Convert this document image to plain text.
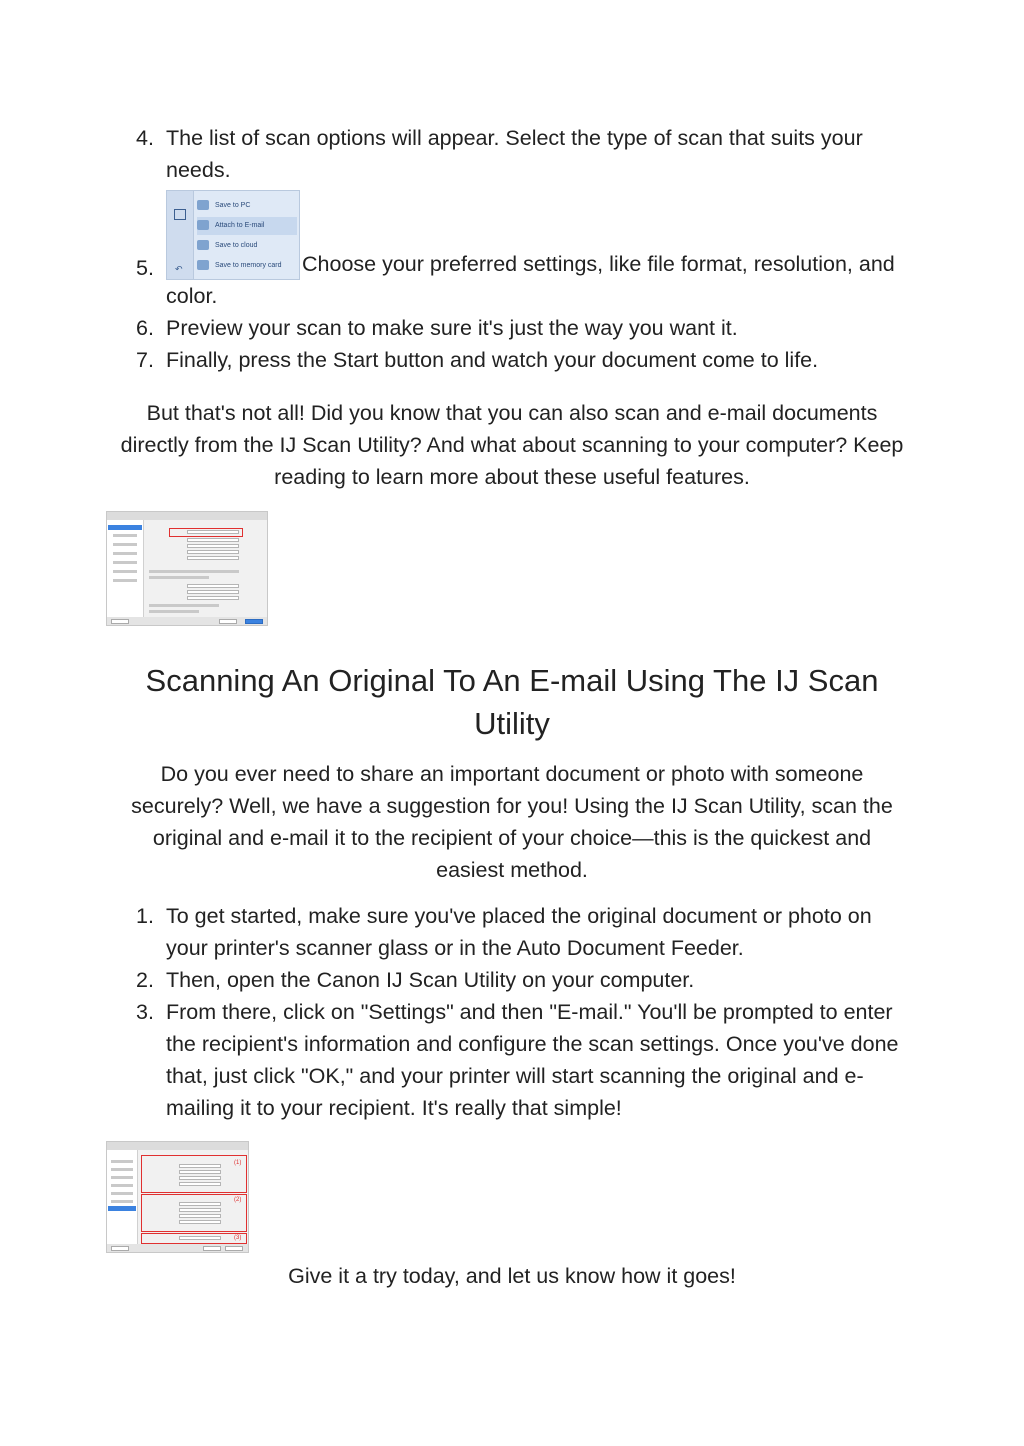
4. The list of scan options will appear. Select the type of scan that suits your needs.
5. ↶
Save to PC
Attach to E-mail
Save to cloud
Save to memory card Choose your preferred settings, like file format, resolution, and color.
6. Preview your scan to make sure it's just the way you want it.
7. Finally, press the Start button and watch your document come to life.

But that's not all! Did you know that you can also scan and e-mail documents directly from the IJ Scan Utility? And what about scanning to your computer? Keep reading to learn more about these useful features.

Scanning An Original To An E-mail Using The IJ Scan Utility

Do you ever need to share an important document or photo with someone securely? Well, we have a suggestion for you! Using the IJ Scan Utility, scan the original and e-mail it to the recipient of your choice—this is the quickest and easiest method.

1. To get started, make sure you've placed the original document or photo on your printer's scanner glass or in the Auto Document Feeder.
2. Then, open the Canon IJ Scan Utility on your computer.
3. From there, click on "Settings" and then "E-mail." You'll be prompted to enter the recipient's information and configure the scan settings. Once you've done that, just click "OK," and your printer will start scanning the original and e-mailing it to your recipient. It's really that simple!
(1)
(2)
(3)

Give it a try today, and let us know how it goes!
